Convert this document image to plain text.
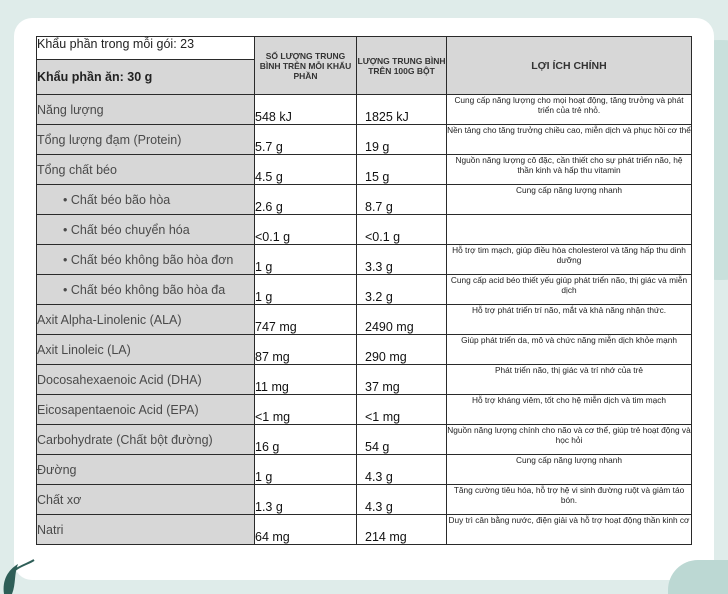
Khẩu phần trong mỗi gói: 23	SỐ LƯỢNG TRUNG BÌNH TRÊN MỖI KHẨU PHẦN	LƯỢNG TRUNG BÌNH TRÊN 100G BỘT	LỢI ÍCH CHÍNH
Khẩu phần ăn: 30 g			
Năng lượng	548 kJ	1825 kJ	Cung cấp năng lượng cho mọi hoạt động, tăng trưởng và phát triển của trẻ nhỏ.
Tổng lượng đạm (Protein)	5.7 g	19 g	Nền tảng cho tăng trưởng chiều cao, miễn dịch và phục hồi cơ thể
Tổng chất béo	4.5 g	15 g	Nguồn năng lượng cô đặc, cần thiết cho sự phát triển não, hệ thần kinh và hấp thu vitamin
• Chất béo bão hòa	2.6 g	8.7 g	Cung cấp năng lượng nhanh
• Chất béo chuyển hóa	<0.1 g	<0.1 g	
• Chất béo không bão hòa đơn	1 g	3.3 g	Hỗ trợ tim mạch, giúp điều hòa cholesterol và tăng hấp thu dinh dưỡng
• Chất béo không bão hòa đa	1 g	3.2 g	Cung cấp acid béo thiết yếu giúp phát triển não, thị giác và miễn dịch
Axit Alpha-Linolenic (ALA)	747 mg	2490 mg	Hỗ trợ phát triển trí não, mắt và khả năng nhận thức.
Axit Linoleic (LA)	87 mg	290 mg	Giúp phát triển da, mô và chức năng miễn dịch khỏe mạnh
Docosahexaenoic Acid (DHA)	11 mg	37 mg	Phát triển não, thị giác và trí nhớ của trẻ
Eicosapentaenoic Acid (EPA)	<1 mg	<1 mg	Hỗ trợ kháng viêm, tốt cho hệ miễn dịch và tim mạch
Carbohydrate (Chất bột đường)	16 g	54 g	Nguồn năng lượng chính cho não và cơ thể, giúp trẻ hoạt động và học hỏi
Đường	1 g	4.3 g	Cung cấp năng lượng nhanh
Chất xơ	1.3 g	4.3 g	Tăng cường tiêu hóa, hỗ trợ hệ vi sinh đường ruột và giảm táo bón.
Natri	64 mg	214 mg	Duy trì cân bằng nước, điện giải và hỗ trợ hoạt động thần kinh cơ
